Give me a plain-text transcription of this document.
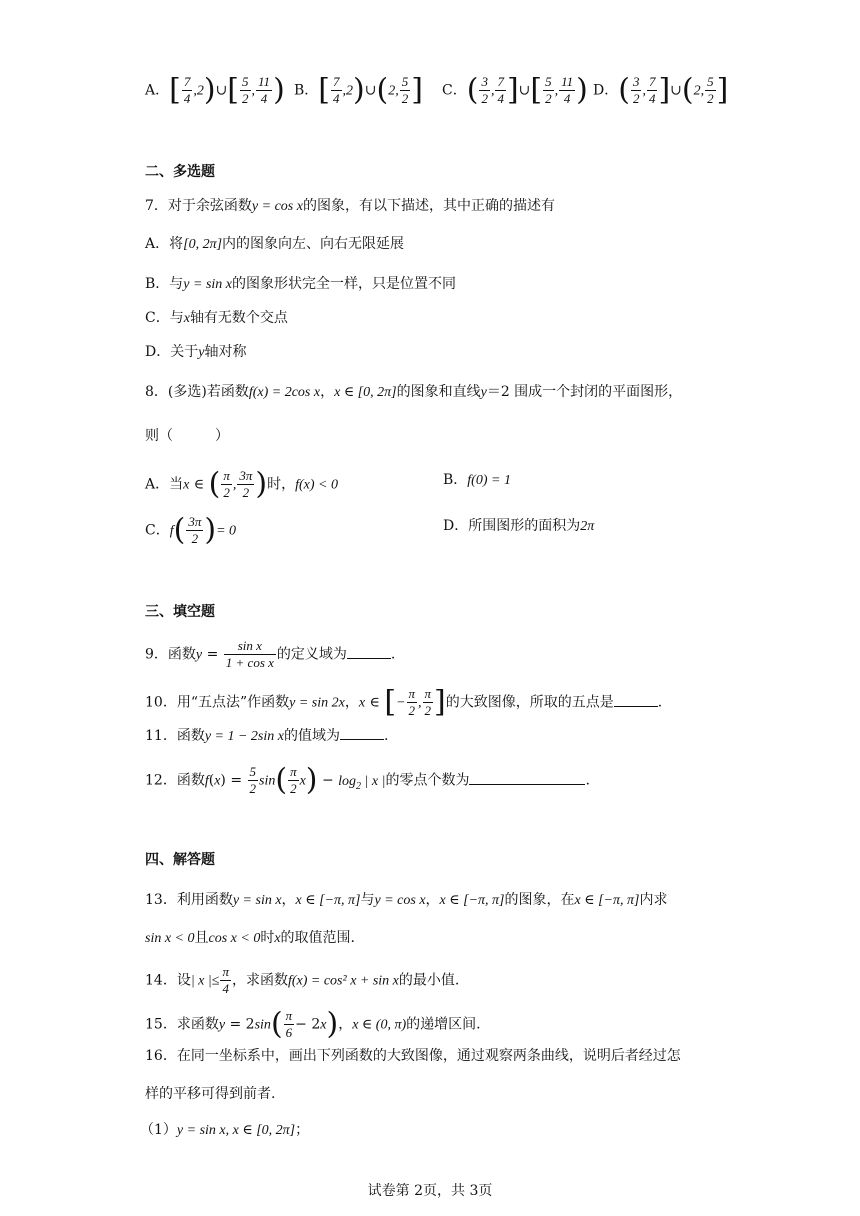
A．[ $\frac{7}{4}$ ,2)∪[ $\frac{5}{2}$ , $\frac{11}{4}$ ) B．[ $\frac{7}{4}$ ,2)∪(2, $\frac{5}{2}$ ] C．( $\frac{3}{2}$ , $\frac{7}{4}$ ]∪[ $\frac{5}{2}$ , $\frac{11}{4}$ ) D．( $\frac{3}{2}$ , $\frac{7}{4}$ ]∪(2, $\frac{5}{2}$ ]
二、多选题
7．对于余弦函数y = cos x的图象，有以下描述，其中正确的描述有
A．将[0, 2π]内的图象向左、向右无限延展
B．与y = sin x的图象形状完全一样，只是位置不同
C．与x轴有无数个交点
D．关于y轴对称
8．(多选)若函数f(x) = 2cos x，x ∈ [0, 2π]的图象和直线y＝2 围成一个封闭的平面图形，
则（　　　）
A．当x ∈ ( $\frac{\pi}{2}$ , $\frac{3\pi}{2}$ )时，f(x) < 0	B．f(0) = 1
C．$f( \frac{3\pi}{2}$ )= 0	D．所围图形的面积为2π
三、填空题
9．函数$y = \frac{\text{sin x}}{\text{1 + cos x}}$ 的定义域为	.
10．用“五点法”作函数y = sin 2x，x ∈ [− $\frac{\pi}{2}$ , $\frac{\pi}{2}$ ]的大致图像，所取的五点是	.
11．函数y = 1 − 2sin x的值域为	.
12．函数$f(x) = \frac{5}{2} \sin( \frac{\pi}{2} x) - \log_2$ | x |的零点个数为	.
四、解答题
13．利用函数y = sin x，x ∈ [−π, π]与y = cos x，x ∈ [−π, π]的图象，在x ∈ [−π, π]内求
sin x < 0且cos x < 0时x的取值范围.
14．设| x |≤ $\frac{\pi}{4}$ ，求函数f(x) = cos² x + sin x的最小值.
15．求函数$y = 2\sin( \frac{\pi}{6} - 2x)$，x ∈ (0, π)的递增区间.
16．在同一坐标系中，画出下列函数的大致图像，通过观察两条曲线，说明后者经过怎
样的平移可得到前者.
（1）y = sin x, x ∈ [0, 2π]；
试卷第 2页，共 3页
